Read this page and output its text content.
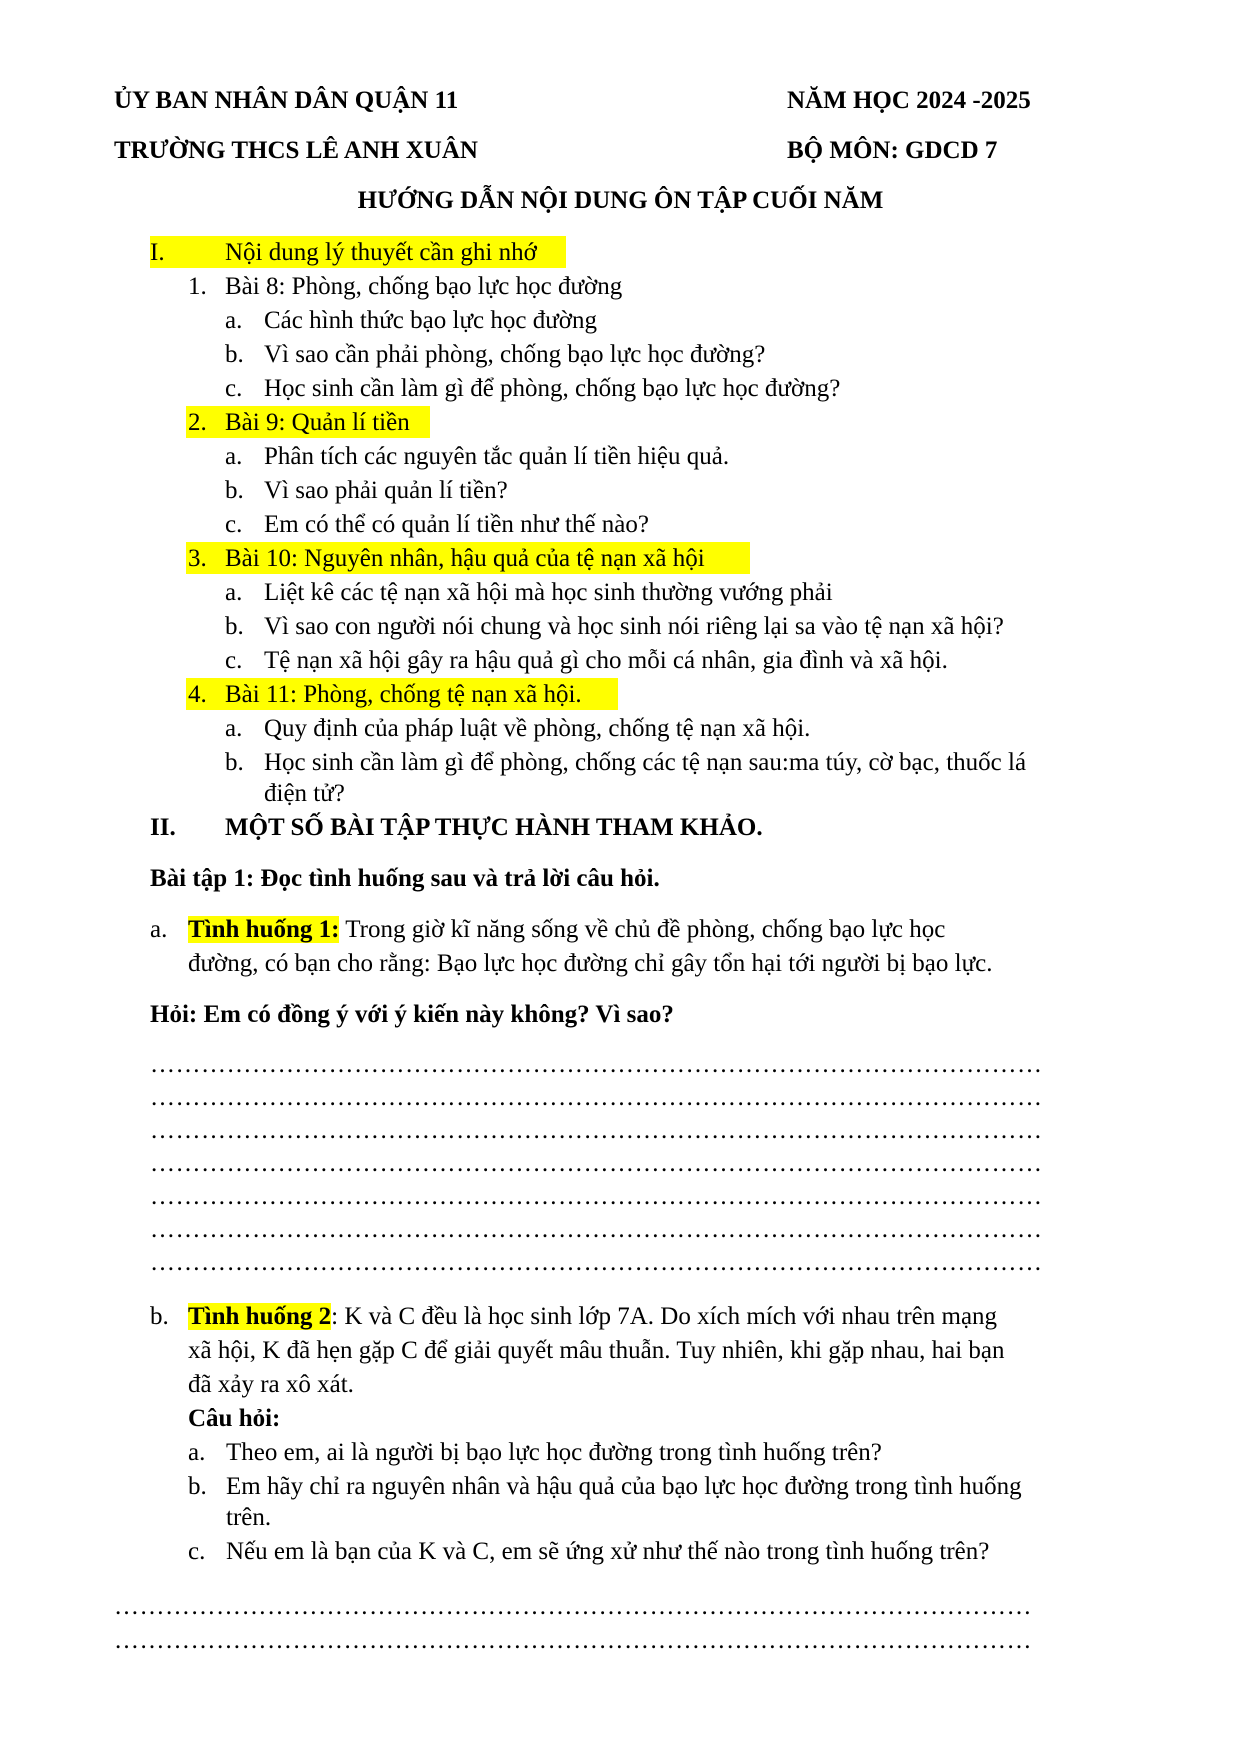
ỦY BAN NHÂN DÂN QUẬN 11
TRƯỜNG THCS LÊ ANH XUÂN
NĂM HỌC 2024 -2025
BỘ MÔN: GDCD 7
HƯỚNG DẪN NỘI DUNG ÔN TẬP CUỐI NĂM
I. Nội dung lý thuyết cần ghi nhớ
1. Bài 8: Phòng, chống bạo lực học đường
a. Các hình thức bạo lực học đường
b. Vì sao cần phải phòng, chống bạo lực học đường?
c. Học sinh cần làm gì để phòng, chống bạo lực học đường?
2. Bài 9: Quản lí tiền
a. Phân tích các nguyên tắc quản lí tiền hiệu quả.
b. Vì sao phải quản lí tiền?
c. Em có thể có quản lí tiền như thế nào?
3. Bài 10: Nguyên nhân, hậu quả của tệ nạn xã hội
a. Liệt kê các tệ nạn xã hội mà học sinh thường vướng phải
b. Vì sao con người nói chung và học sinh nói riêng lại sa vào tệ nạn xã hội?
c. Tệ nạn xã hội gây ra hậu quả gì cho mỗi cá nhân, gia đình và xã hội.
4. Bài 11: Phòng, chống tệ nạn xã hội.
a. Quy định của pháp luật về phòng, chống tệ nạn xã hội.
b. Học sinh cần làm gì để phòng, chống các tệ nạn sau:ma túy, cờ bạc, thuốc lá
điện tử?
II. MỘT SỐ BÀI TẬP THỰC HÀNH THAM KHẢO.
Bài tập 1: Đọc tình huống sau và trả lời câu hỏi.
a. Tình huống 1: Trong giờ kĩ năng sống về chủ đề phòng, chống bạo lực học
đường, có bạn cho rằng: Bạo lực học đường chỉ gây tổn hại tới người bị bạo lực.
Hỏi: Em có đồng ý với ý kiến này không? Vì sao?
……………………………………………………………………………………………
……………………………………………………………………………………………
……………………………………………………………………………………………
……………………………………………………………………………………………
……………………………………………………………………………………………
……………………………………………………………………………………………
……………………………………………………………………………………………
b. Tình huống 2: K và C đều là học sinh lớp 7A. Do xích mích với nhau trên mạng
xã hội, K đã hẹn gặp C để giải quyết mâu thuẫn. Tuy nhiên, khi gặp nhau, hai bạn
đã xảy ra xô xát.
Câu hỏi:
a. Theo em, ai là người bị bạo lực học đường trong tình huống trên?
b. Em hãy chỉ ra nguyên nhân và hậu quả của bạo lực học đường trong tình huống
trên.
c. Nếu em là bạn của K và C, em sẽ ứng xử như thế nào trong tình huống trên?
………………………………………………………………………………………………
………………………………………………………………………………………………
